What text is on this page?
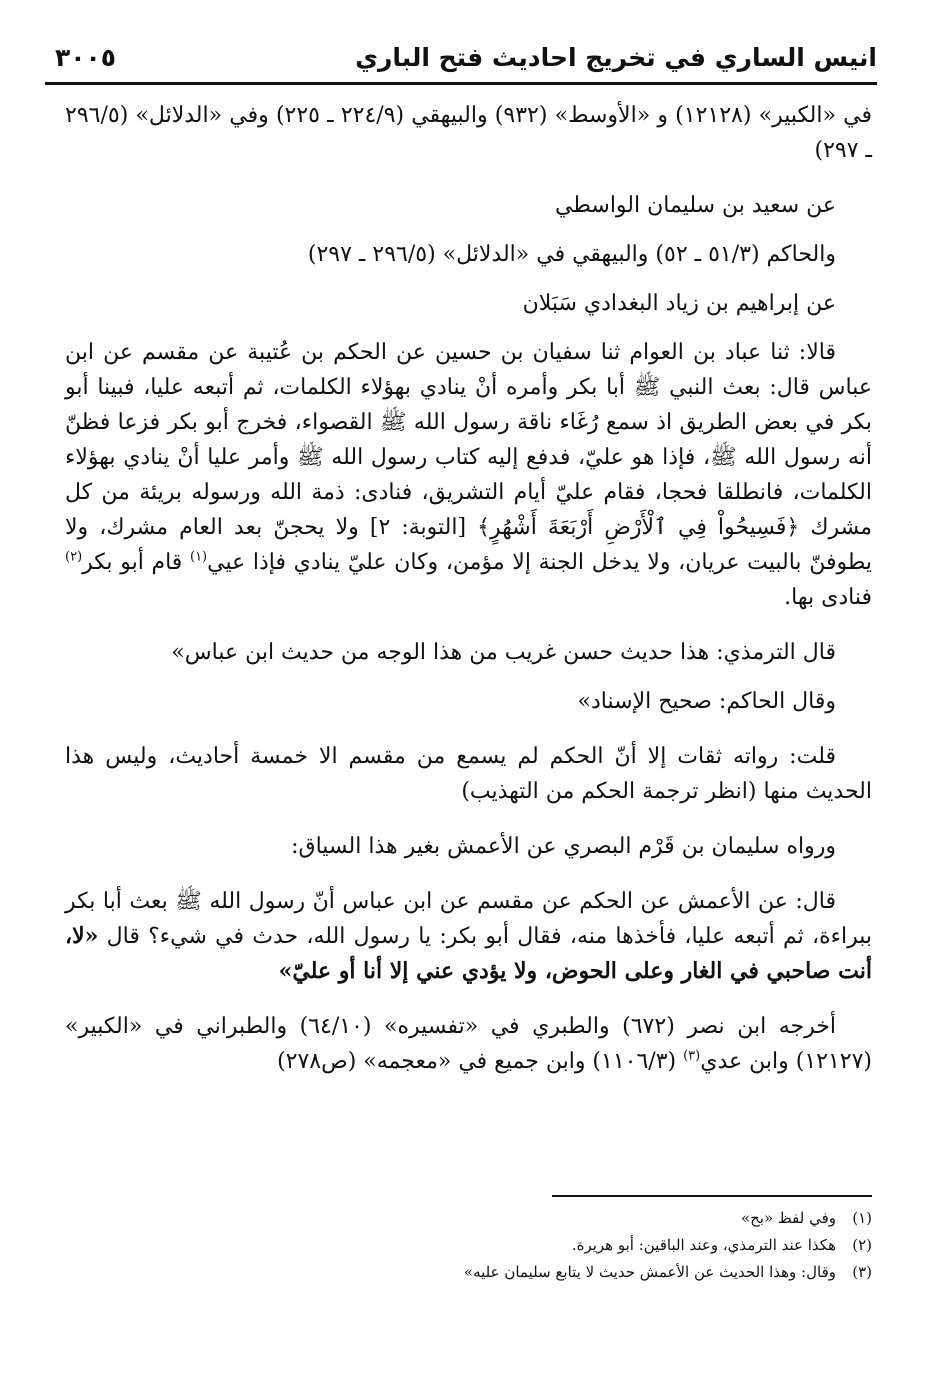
انيس الساري في تخريج احاديث فتح الباري
٣٠٠٥

في «الكبير» (١٢١٢٨) و «الأوسط» (٩٣٢) والبيهقي (٢٢٤/٩ ـ ٢٢٥) وفي «الدلائل» (٢٩٦/٥ ـ ٢٩٧)

عن سعيد بن سليمان الواسطي

والحاكم (٥١/٣ ـ ٥٢) والبيهقي في «الدلائل» (٢٩٦/٥ ـ ٢٩٧)

عن إبراهيم بن زياد البغدادي سَبَلان

قالا: ثنا عباد بن العوام ثنا سفيان بن حسين عن الحكم بن عُتيبة عن مقسم عن ابن عباس قال: بعث النبي ﷺ أبا بكر وأمره أنْ ينادي بهؤلاء الكلمات، ثم أتبعه عليا، فبينا أبو بكر في بعض الطريق اذ سمع رُغَاء ناقة رسول الله ﷺ القصواء، فخرج أبو بكر فزعا فظنّ أنه رسول الله ﷺ، فإذا هو عليّ، فدفع إليه كتاب رسول الله ﷺ وأمر عليا أنْ ينادي بهؤلاء الكلمات، فانطلقا فحجا، فقام عليّ أيام التشريق، فنادى: ذمة الله ورسوله بريئة من كل مشرك ﴿فَسِيحُواْ فِي ٱلْأَرْضِ أَرْبَعَةَ أَشْهُرٍ﴾ [التوبة: ٢] ولا يحجنّ بعد العام مشرك، ولا يطوفنّ بالبيت عريان، ولا يدخل الجنة إلا مؤمن، وكان عليّ ينادي فإذا عيي$^{(١)}$ قام أبو بكر$^{(٢)}$ فنادى بها.

قال الترمذي: هذا حديث حسن غريب من هذا الوجه من حديث ابن عباس»

وقال الحاكم: صحيح الإسناد»

قلت: رواته ثقات إلا أنّ الحكم لم يسمع من مقسم الا خمسة أحاديث، وليس هذا الحديث منها (انظر ترجمة الحكم من التهذيب)

ورواه سليمان بن قَرْم البصري عن الأعمش بغير هذا السياق:

قال: عن الأعمش عن الحكم عن مقسم عن ابن عباس أنّ رسول الله ﷺ بعث أبا بكر ببراءة، ثم أتبعه عليا، فأخذها منه، فقال أبو بكر: يا رسول الله، حدث في شيء؟ قال «لا، أنت صاحبي في الغار وعلى الحوض، ولا يؤدي عني إلا أنا أو عليّ»

أخرجه ابن نصر (٦٧٢) والطبري في «تفسيره» (٦٤/١٠) والطبراني في «الكبير» (١٢١٢٧) وابن عدي$^{(٣)}$ (١١٠٦/٣) وابن جميع في «معجمه» (ص٢٧٨)

(١)وفي لفظ «بح»

(٢)هكذا عند الترمذي، وعند الباقين: أبو هريرة.

(٣)وقال: وهذا الحديث عن الأعمش حديث لا يتابع سليمان عليه»
